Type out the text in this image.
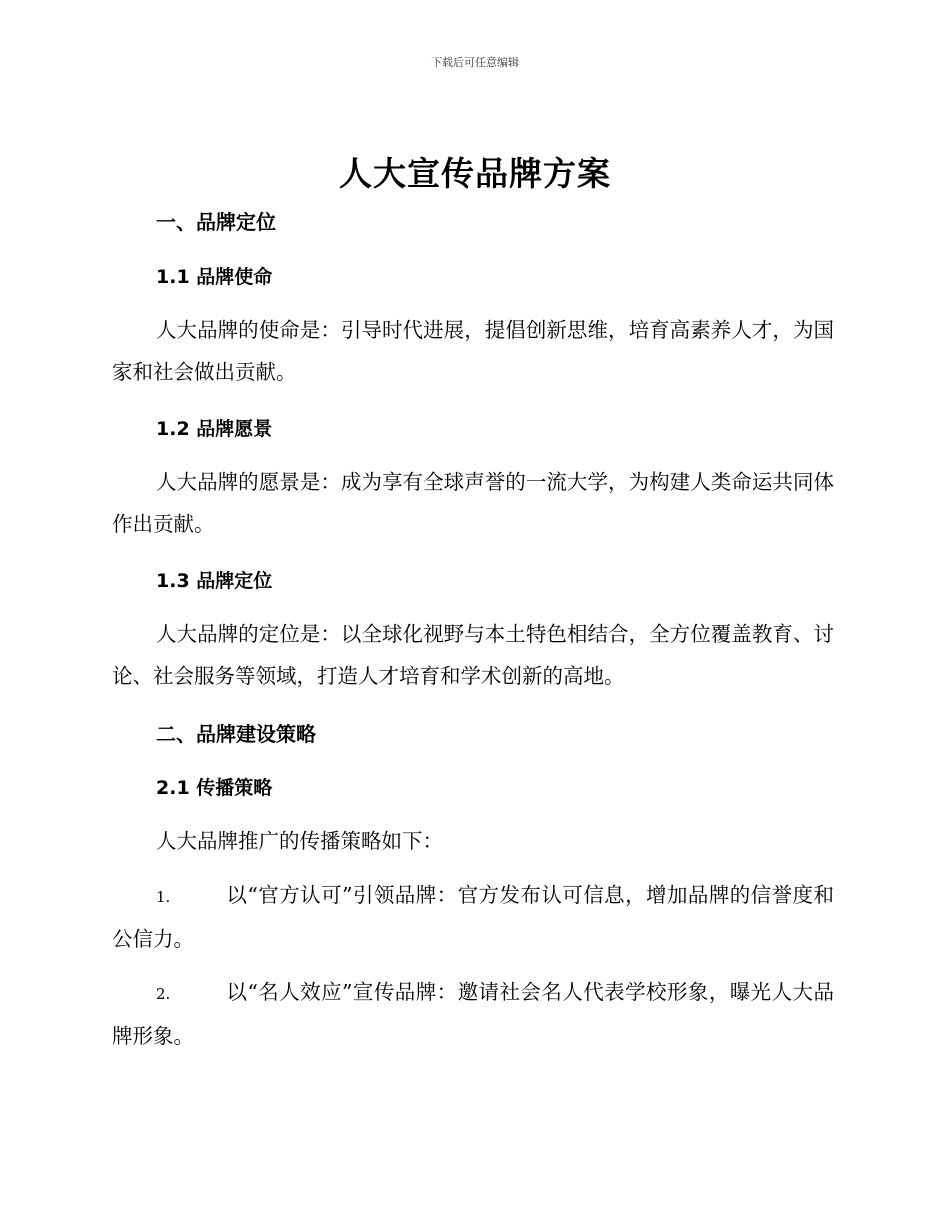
下载后可任意编辑
人大宣传品牌方案
一、品牌定位
1.1 品牌使命

人大品牌的使命是：引导时代进展，提倡创新思维，培育高素养人才，为国家和社会做出贡献。

1.2 品牌愿景

人大品牌的愿景是：成为享有全球声誉的一流大学，为构建人类命运共同体作出贡献。

1.3 品牌定位

人大品牌的定位是：以全球化视野与本土特色相结合，全方位覆盖教育、讨论、社会服务等领域，打造人才培育和学术创新的高地。

二、品牌建设策略
2.1 传播策略

人大品牌推广的传播策略如下：

1.	以“官方认可”引领品牌：官方发布认可信息，增加品牌的信誉度和公信力。

2.	以“名人效应”宣传品牌：邀请社会名人代表学校形象，曝光人大品牌形象。
